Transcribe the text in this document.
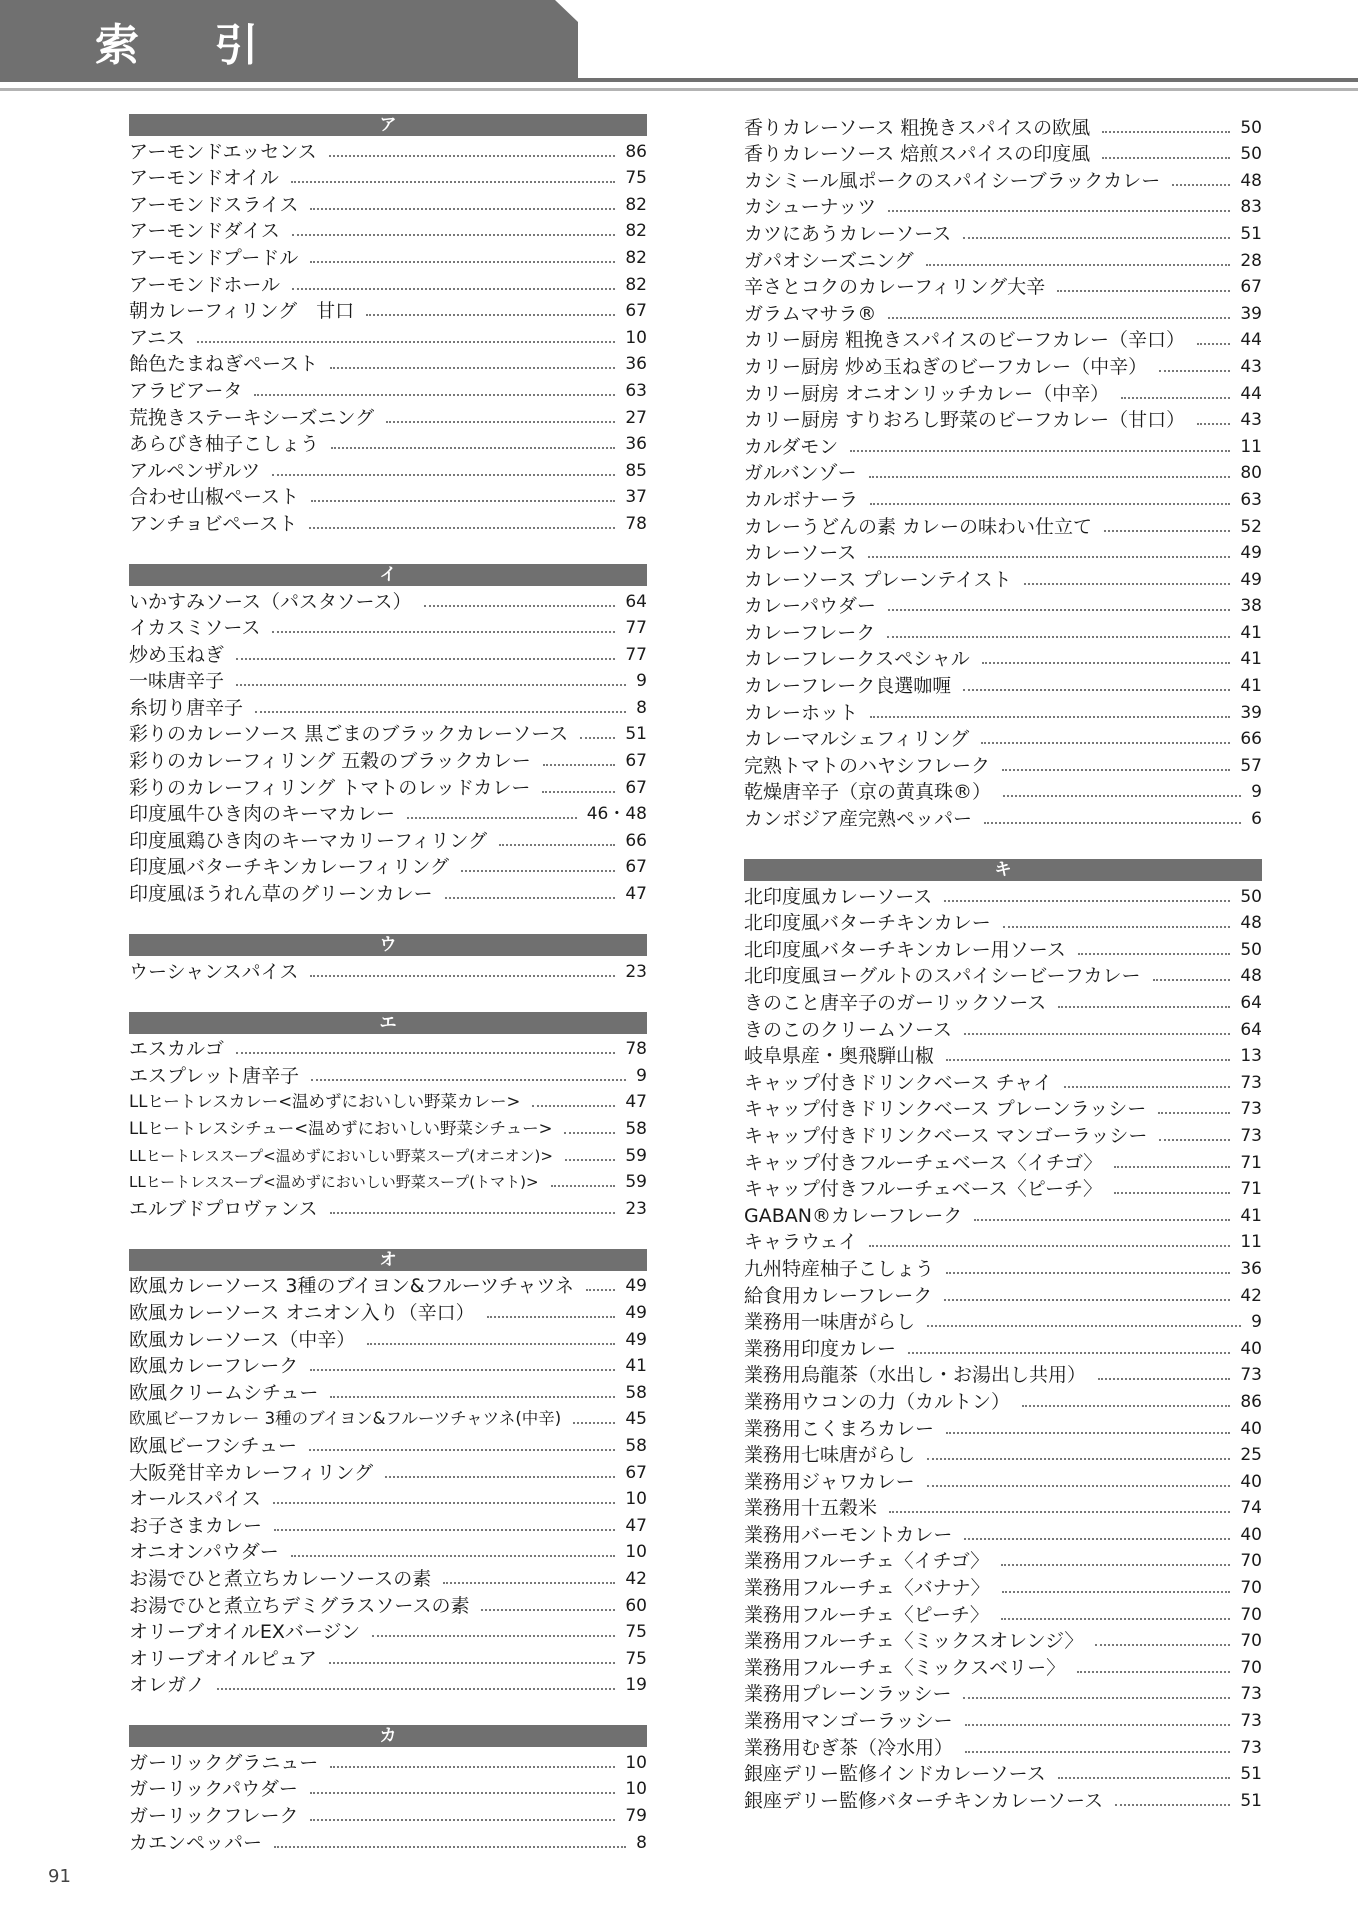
索 引
ア
アーモンドエッセンス	86
アーモンドオイル	75
アーモンドスライス	82
アーモンドダイス	82
アーモンドプードル	82
アーモンドホール	82
朝カレーフィリング　甘口	67
アニス	10
飴色たまねぎペースト	36
アラビアータ	63
荒挽きステーキシーズニング	27
あらびき柚子こしょう	36
アルペンザルツ	85
合わせ山椒ペースト	37
アンチョビペースト	78
イ
いかすみソース（パスタソース）	64
イカスミソース	77
炒め玉ねぎ	77
一味唐辛子	9
糸切り唐辛子	8
彩りのカレーソース 黒ごまのブラックカレーソース	51
彩りのカレーフィリング 五穀のブラックカレー	67
彩りのカレーフィリング トマトのレッドカレー	67
印度風牛ひき肉のキーマカレー	46・48
印度風鶏ひき肉のキーマカリーフィリング	66
印度風バターチキンカレーフィリング	67
印度風ほうれん草のグリーンカレー	47
ウ
ウーシャンスパイス	23
エ
エスカルゴ	78
エスプレット唐辛子	9
LLヒートレスカレー<温めずにおいしい野菜カレー>	47
LLヒートレスシチュー<温めずにおいしい野菜シチュー>	58
LLヒートレススープ<温めずにおいしい野菜スープ(オニオン)>	59
LLヒートレススープ<温めずにおいしい野菜スープ(トマト)>	59
エルブドプロヴァンス	23
オ
欧風カレーソース 3種のブイヨン&フルーツチャツネ	49
欧風カレーソース オニオン入り（辛口）	49
欧風カレーソース（中辛）	49
欧風カレーフレーク	41
欧風クリームシチュー	58
欧風ビーフカレー 3種のブイヨン&フルーツチャツネ(中辛)	45
欧風ビーフシチュー	58
大阪発甘辛カレーフィリング	67
オールスパイス	10
お子さまカレー	47
オニオンパウダー	10
お湯でひと煮立ちカレーソースの素	42
お湯でひと煮立ちデミグラスソースの素	60
オリーブオイルEXバージン	75
オリーブオイルピュア	75
オレガノ	19
カ
ガーリックグラニュー	10
ガーリックパウダー	10
ガーリックフレーク	79
カエンペッパー	8
香りカレーソース 粗挽きスパイスの欧風	50
香りカレーソース 焙煎スパイスの印度風	50
カシミール風ポークのスパイシーブラックカレー	48
カシューナッツ	83
カツにあうカレーソース	51
ガパオシーズニング	28
辛さとコクのカレーフィリング大辛	67
ガラムマサラ®	39
カリー厨房 粗挽きスパイスのビーフカレー（辛口）	44
カリー厨房 炒め玉ねぎのビーフカレー（中辛）	43
カリー厨房 オニオンリッチカレー（中辛）	44
カリー厨房 すりおろし野菜のビーフカレー（甘口）	43
カルダモン	11
ガルバンゾー	80
カルボナーラ	63
カレーうどんの素 カレーの味わい仕立て	52
カレーソース	49
カレーソース プレーンテイスト	49
カレーパウダー	38
カレーフレーク	41
カレーフレークスペシャル	41
カレーフレーク良選咖喱	41
カレーホット	39
カレーマルシェフィリング	66
完熟トマトのハヤシフレーク	57
乾燥唐辛子（京の黄真珠®）	9
カンボジア産完熟ペッパー	6
キ
北印度風カレーソース	50
北印度風バターチキンカレー	48
北印度風バターチキンカレー用ソース	50
北印度風ヨーグルトのスパイシービーフカレー	48
きのこと唐辛子のガーリックソース	64
きのこのクリームソース	64
岐阜県産・奥飛騨山椒	13
キャップ付きドリンクベース チャイ	73
キャップ付きドリンクベース プレーンラッシー	73
キャップ付きドリンクベース マンゴーラッシー	73
キャップ付きフルーチェベース〈イチゴ〉	71
キャップ付きフルーチェベース〈ピーチ〉	71
GABAN®カレーフレーク	41
キャラウェイ	11
九州特産柚子こしょう	36
給食用カレーフレーク	42
業務用一味唐がらし	9
業務用印度カレー	40
業務用烏龍茶（水出し・お湯出し共用）	73
業務用ウコンの力（カルトン）	86
業務用こくまろカレー	40
業務用七味唐がらし	25
業務用ジャワカレー	40
業務用十五穀米	74
業務用バーモントカレー	40
業務用フルーチェ〈イチゴ〉	70
業務用フルーチェ〈バナナ〉	70
業務用フルーチェ〈ピーチ〉	70
業務用フルーチェ〈ミックスオレンジ〉	70
業務用フルーチェ〈ミックスベリー〉	70
業務用プレーンラッシー	73
業務用マンゴーラッシー	73
業務用むぎ茶（冷水用）	73
銀座デリー監修インドカレーソース	51
銀座デリー監修バターチキンカレーソース	51
91
